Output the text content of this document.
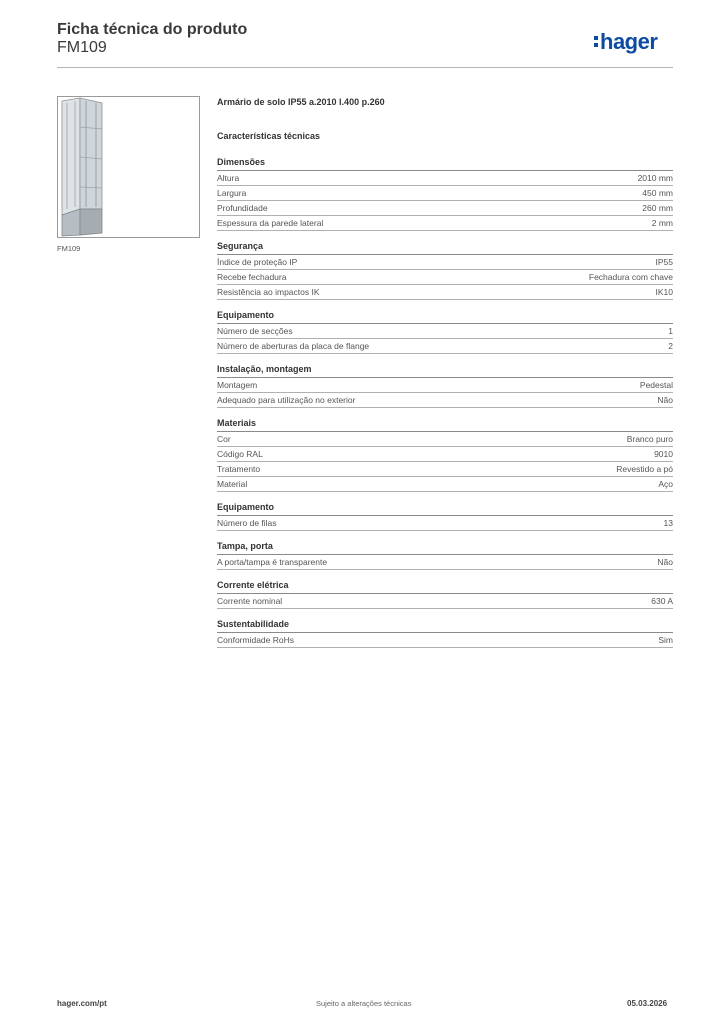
Ficha técnica do produto
FM109	hager
FM109
Armário de solo IP55 a.2010 l.400 p.260
Características técnicas
Dimensões
Altura	2010 mm
Largura	450 mm
Profundidade	260 mm
Espessura da parede lateral	2 mm
Segurança
Índice de proteção IP	IP55
Recebe fechadura	Fechadura com chave
Resistência ao impactos IK	IK10
Equipamento
Número de secções	1
Número de aberturas da placa de flange	2
Instalação, montagem
Montagem	Pedestal
Adequado para utilização no exterior	Não
Materiais
Cor	Branco puro
Código RAL	9010
Tratamento	Revestido a pó
Material	Aço
Equipamento
Número de filas	13
Tampa, porta
A porta/tampa é transparente	Não
Corrente elétrica
Corrente nominal	630 A
Sustentabilidade
Conformidade RoHs	Sim
hager.com/pt	Sujeito a alterações técnicas	05.03.2026
